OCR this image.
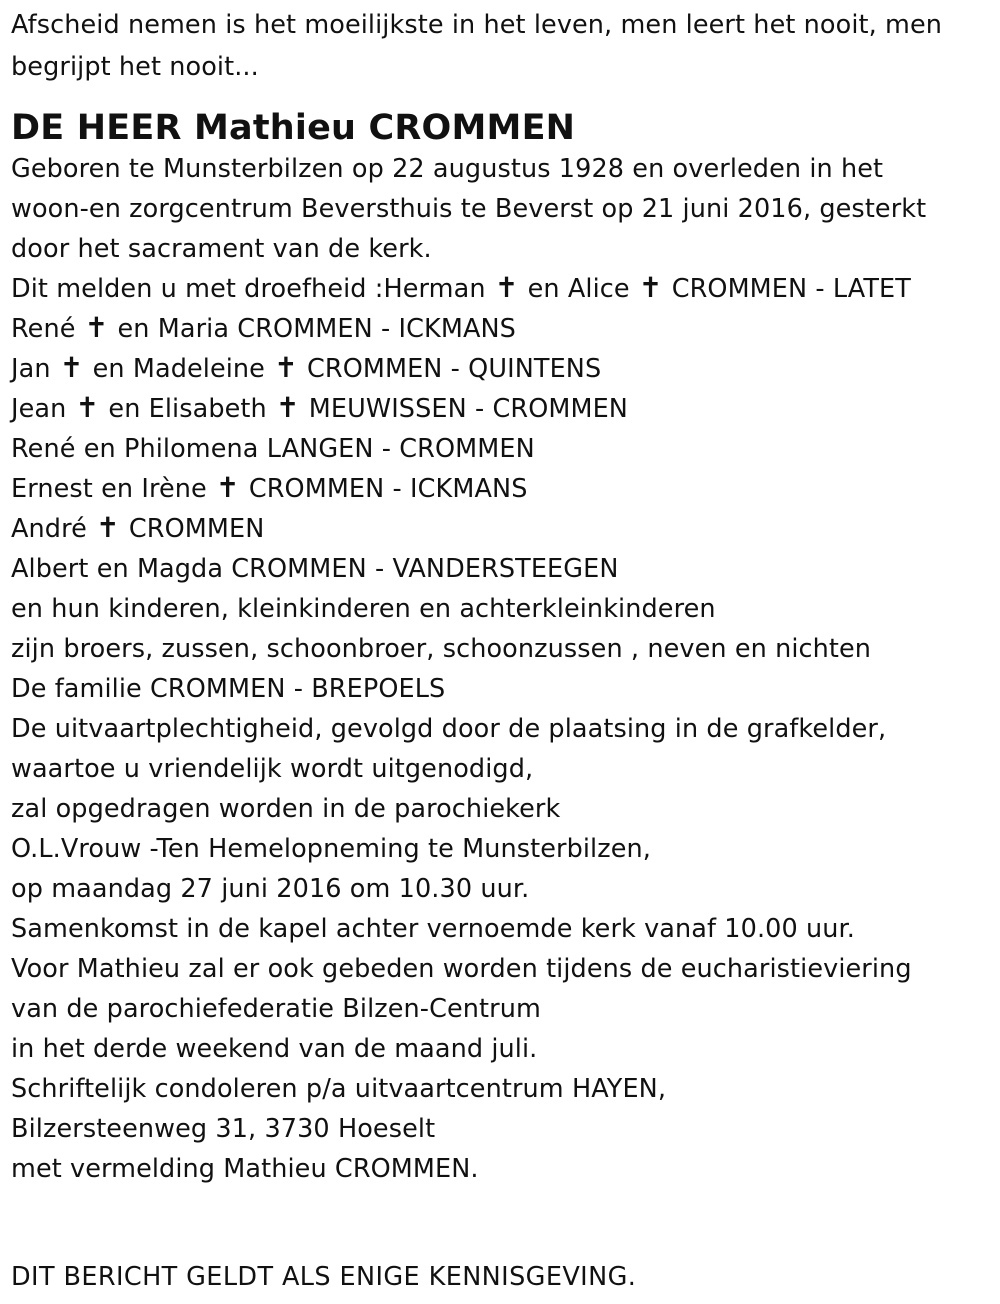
Afscheid nemen is het moeilijkste in het leven, men leert het nooit, men
begrijpt het nooit...

DE HEER Mathieu CROMMEN
Geboren te Munsterbilzen op 22 augustus 1928 en overleden in het
woon-en zorgcentrum Beversthuis te Beverst op 21 juni 2016, gesterkt
door het sacrament van de kerk.
Dit melden u met droefheid :Herman ✝ en Alice ✝ CROMMEN - LATET
René ✝ en Maria CROMMEN - ICKMANS
Jan ✝ en Madeleine ✝ CROMMEN - QUINTENS
Jean ✝ en Elisabeth ✝ MEUWISSEN - CROMMEN
René en Philomena LANGEN - CROMMEN
Ernest en Irène ✝ CROMMEN - ICKMANS
André ✝ CROMMEN
Albert en Magda CROMMEN - VANDERSTEEGEN
en hun kinderen, kleinkinderen en achterkleinkinderen
zijn broers, zussen, schoonbroer, schoonzussen , neven en nichten
De familie CROMMEN - BREPOELS
De uitvaartplechtigheid, gevolgd door de plaatsing in de grafkelder,
waartoe u vriendelijk wordt uitgenodigd,
zal opgedragen worden in de parochiekerk
O.L.Vrouw -Ten Hemelopneming te Munsterbilzen,
op maandag 27 juni 2016 om 10.30 uur.
Samenkomst in de kapel achter vernoemde kerk vanaf 10.00 uur.
Voor Mathieu zal er ook gebeden worden tijdens de eucharistieviering
van de parochiefederatie Bilzen-Centrum
in het derde weekend van de maand juli.
Schriftelijk condoleren p/a uitvaartcentrum HAYEN,
Bilzersteenweg 31, 3730 Hoeselt
met vermelding Mathieu CROMMEN.

DIT BERICHT GELDT ALS ENIGE KENNISGEVING.
